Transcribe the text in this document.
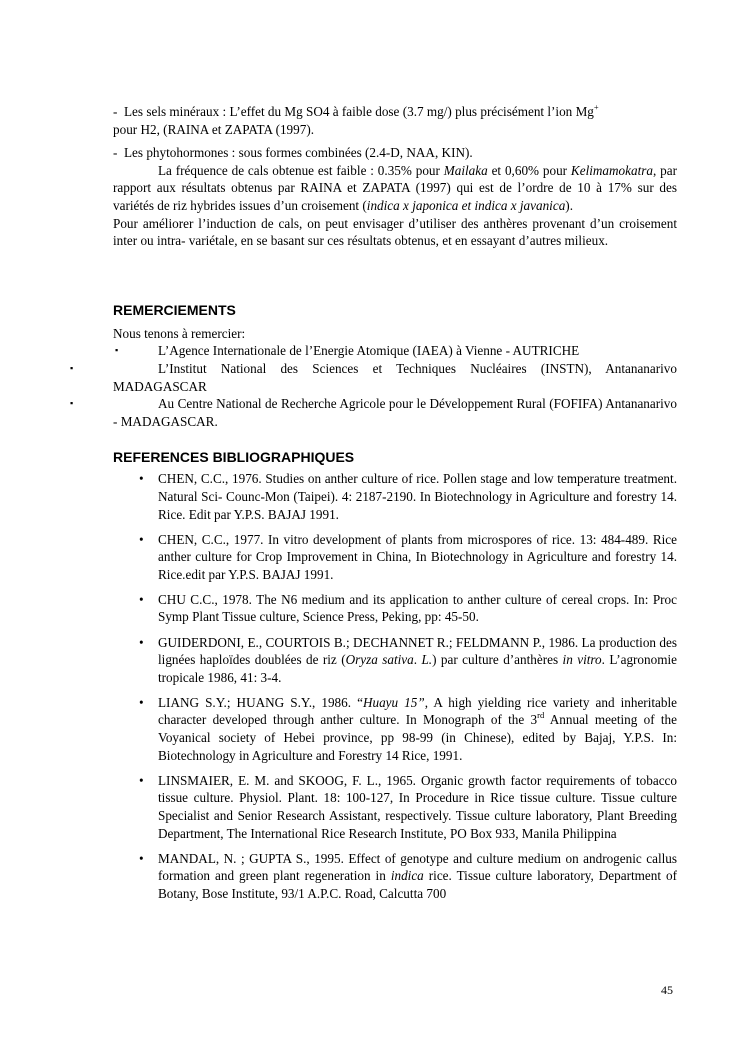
- Les sels minéraux : L’effet du Mg SO4 à faible dose (3.7 mg/) plus précisément l’ion Mg+
pour H2, (RAINA et ZAPATA (1997).

- Les phytohormones : sous formes combinées (2.4-D, NAA, KIN).

La fréquence de cals obtenue est faible : 0.35% pour Mailaka et 0,60% pour Kelimamokatra, par rapport aux résultats obtenus par RAINA et ZAPATA (1997) qui est de l’ordre de 10 à 17% sur des variétés de riz hybrides issues d’un croisement (indica x japonica et indica x javanica).

Pour améliorer l’induction de cals, on peut envisager d’utiliser des anthères provenant d’un croisement inter ou intra- variétale, en se basant sur ces résultats obtenus, et en essayant d’autres milieux.

REMERCIEMENTS

Nous tenons à remercier:

▪	L’Agence Internationale de l’Energie Atomique (IAEA) à Vienne - AUTRICHE

▪	L’Institut National des Sciences et Techniques Nucléaires (INSTN), Antananarivo MADAGASCAR

▪	Au Centre National de Recherche Agricole pour le Développement Rural (FOFIFA) Antananarivo - MADAGASCAR.

REFERENCES BIBLIOGRAPHIQUES
• CHEN, C.C., 1976. Studies on anther culture of rice. Pollen stage and low temperature treatment. Natural Sci- Counc-Mon (Taipei). 4: 2187-2190. In Biotechnology in Agriculture and forestry 14. Rice. Edit par Y.P.S. BAJAJ 1991.
• CHEN, C.C., 1977. In vitro development of plants from microspores of rice. 13: 484-489. Rice anther culture for Crop Improvement in China, In Biotechnology in Agriculture and forestry 14. Rice.edit par Y.P.S. BAJAJ 1991.
• CHU C.C., 1978. The N6 medium and its application to anther culture of cereal crops. In: Proc Symp Plant Tissue culture, Science Press, Peking, pp: 45-50.
• GUIDERDONI, E., COURTOIS B.; DECHANNET R.; FELDMANN P., 1986. La production des lignées haploïdes doublées de riz (Oryza sativa. L.) par culture d’anthères in vitro. L’agronomie tropicale 1986, 41: 3-4.
• LIANG S.Y.; HUANG S.Y., 1986. “Huayu 15”, A high yielding rice variety and inheritable character developed through anther culture. In Monograph of the 3rd Annual meeting of the Voyanical society of Hebei province, pp 98-99 (in Chinese), edited by Bajaj, Y.P.S. In: Biotechnology in Agriculture and Forestry 14 Rice, 1991.
• LINSMAIER, E. M. and SKOOG, F. L., 1965. Organic growth factor requirements of tobacco tissue culture. Physiol. Plant. 18: 100-127, In Procedure in Rice tissue culture. Tissue culture Specialist and Senior Research Assistant, respectively. Tissue culture laboratory, Plant Breeding Department, The International Rice Research Institute, PO Box 933, Manila Philippina
• MANDAL, N. ; GUPTA S., 1995. Effect of genotype and culture medium on androgenic callus formation and green plant regeneration in indica rice. Tissue culture laboratory, Department of Botany, Bose Institute, 93/1 A.P.C. Road, Calcutta 700
45
